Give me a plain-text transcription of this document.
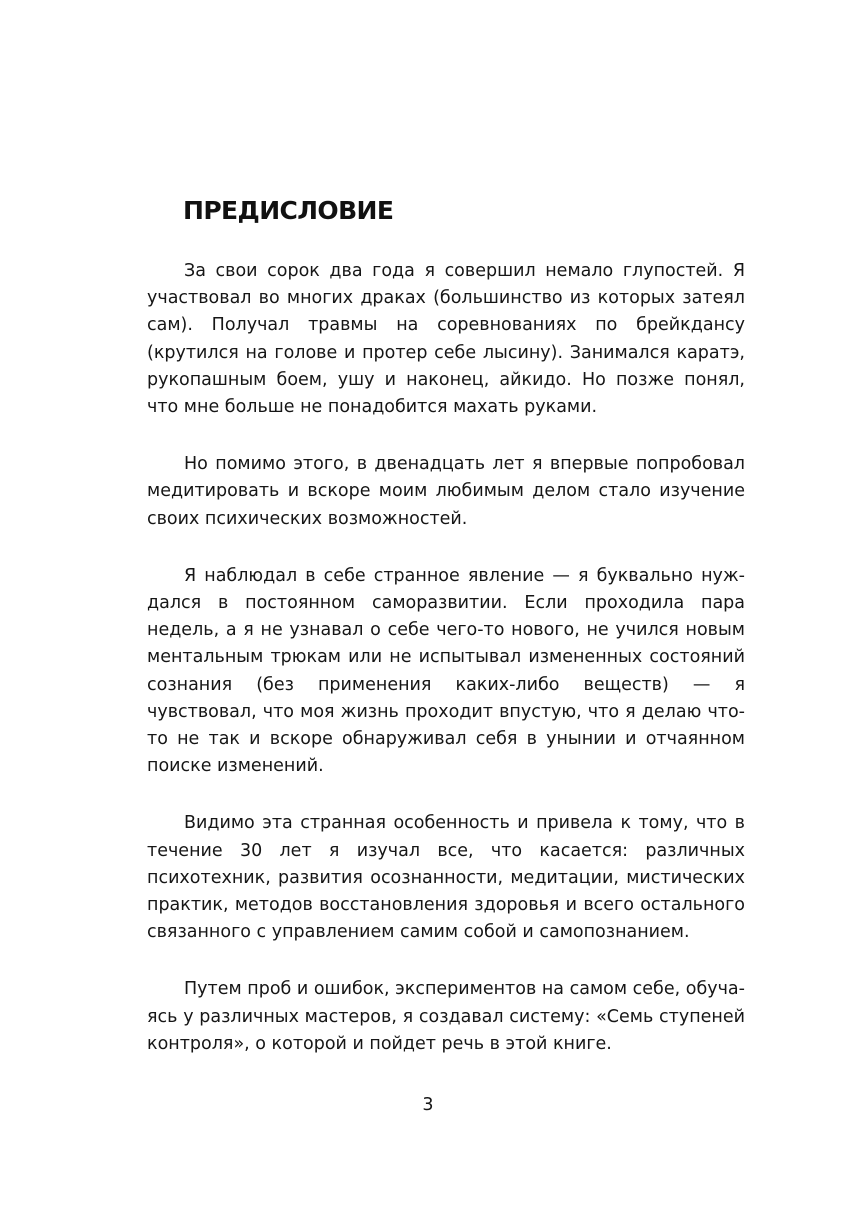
ПРЕДИСЛОВИЕ

За свои сорок два года я совершил немало глупостей. Я участвовал во многих драках (большинство из которых затеял сам). Получал травмы на соревнованиях по брейкдансу (крутился на голове и протер себе лысину). Занимался каратэ, рукопашным боем, ушу и наконец, айкидо. Но позже понял, что мне больше не понадобится махать руками.

Но помимо этого, в двенадцать лет я впервые попробовал медитировать и вскоре моим любимым делом стало изучение своих психических возможностей.

Я наблюдал в себе странное явление — я буквально нуждался в постоянном саморазвитии. Если проходила пара недель, а я не узнавал о себе чего-то нового, не учился новым ментальным трюкам или не испытывал измененных состояний сознания (без применения каких-либо веществ) — я чувствовал, что моя жизнь проходит впустую, что я делаю что-то не так и вскоре обнаруживал себя в унынии и отчаянном поиске изменений.

Видимо эта странная особенность и привела к тому, что в течение 30 лет я изучал все, что касается: различных психотехник, развития осознанности, медитации, мистических практик, методов восстановления здоровья и всего остального связанного с управлением самим собой и самопознанием.

Путем проб и ошибок, экспериментов на самом себе, обучаясь у различных мастеров, я создавал систему: «Семь ступеней контроля», о которой и пойдет речь в этой книге.

3
